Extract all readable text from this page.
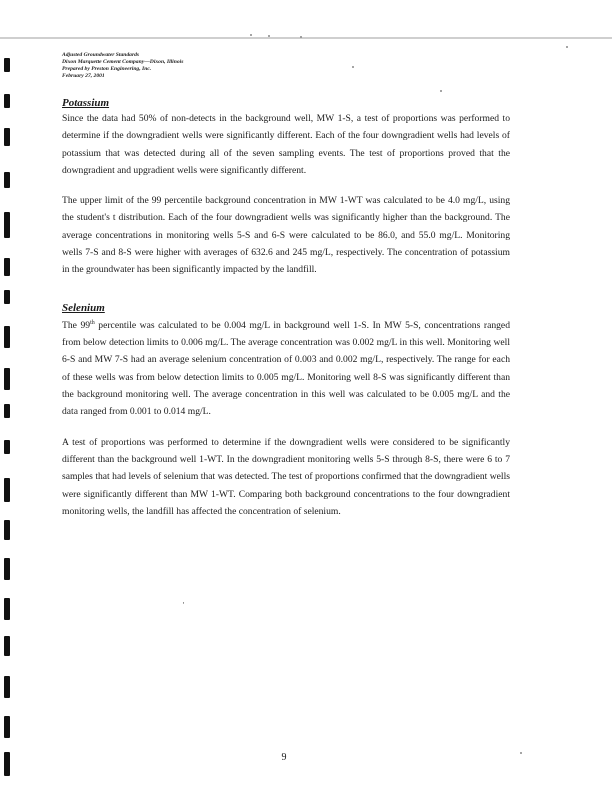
Adjusted Groundwater Standards
Dixon Marquette Cement Company—Dixon, Illinois
Prepared by Preston Engineering, Inc.
February 27, 2001
Potassium

Since the data had 50% of non-detects in the background well, MW 1-S, a test of proportions was performed to determine if the downgradient wells were significantly different. Each of the four downgradient wells had levels of potassium that was detected during all of the seven sampling events. The test of proportions proved that the downgradient and upgradient wells were significantly different.

The upper limit of the 99 percentile background concentration in MW 1-WT was calculated to be 4.0 mg/L, using the student's t distribution. Each of the four downgradient wells was significantly higher than the background. The average concentrations in monitoring wells 5-S and 6-S were calculated to be 86.0, and 55.0 mg/L. Monitoring wells 7-S and 8-S were higher with averages of 632.6 and 245 mg/L, respectively. The concentration of potassium in the groundwater has been significantly impacted by the landfill.

Selenium

The 99th percentile was calculated to be 0.004 mg/L in background well 1-S. In MW 5-S, concentrations ranged from below detection limits to 0.006 mg/L. The average concentration was 0.002 mg/L in this well. Monitoring well 6-S and MW 7-S had an average selenium concentration of 0.003 and 0.002 mg/L, respectively. The range for each of these wells was from below detection limits to 0.005 mg/L. Monitoring well 8-S was significantly different than the background monitoring well. The average concentration in this well was calculated to be 0.005 mg/L and the data ranged from 0.001 to 0.014 mg/L.

A test of proportions was performed to determine if the downgradient wells were considered to be significantly different than the background well 1-WT. In the downgradient monitoring wells 5-S through 8-S, there were 6 to 7 samples that had levels of selenium that was detected. The test of proportions confirmed that the downgradient wells were significantly different than MW 1-WT. Comparing both background concentrations to the four downgradient monitoring wells, the landfill has affected the concentration of selenium.

·
9
